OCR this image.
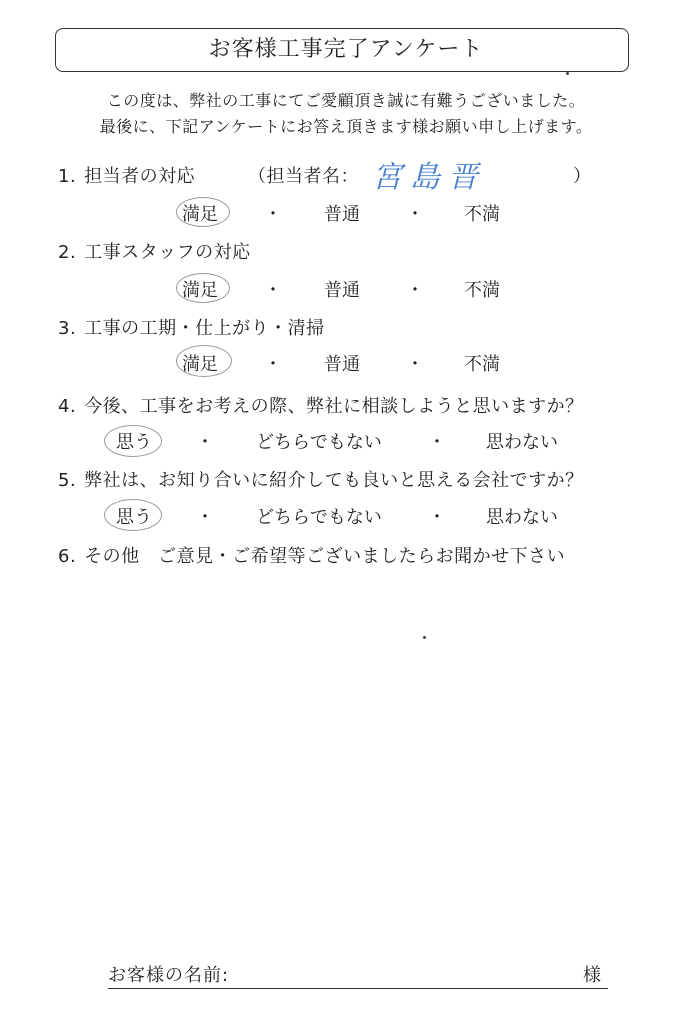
お客様工事完了アンケート
この度は、弊社の工事にてご愛顧頂き誠に有難うございました。
最後に、下記アンケートにお答え頂きます様お願い申し上げます。
1. 担当者の対応	（担当者名： 宮島晋	）
満足	・ 普通	・ 不満
2. 工事スタッフの対応
満足	・ 普通	・ 不満
3. 工事の工期・仕上がり・清掃
満足	・ 普通	・ 不満
4. 今後、工事をお考えの際、弊社に相談しようと思いますか？
思う ・ どちらでもない	・ 思わない
5. 弊社は、お知り合いに紹介しても良いと思える会社ですか？
思う ・ どちらでもない	・ 思わない
6. その他　ご意見・ご希望等ございましたらお聞かせ下さい
お客様の名前:	様
